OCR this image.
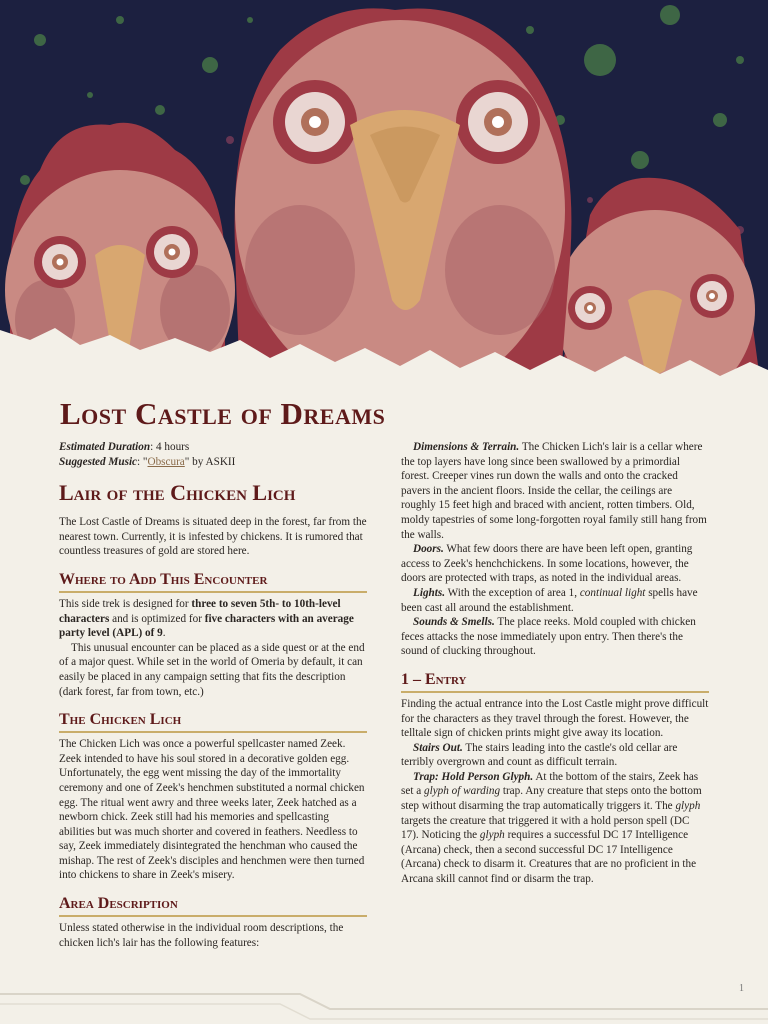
Lost Castle of Dreams

Estimated Duration: 4 hours

Suggested Music: "Obscura" by ASKII

Lair of the Chicken Lich

The Lost Castle of Dreams is situated deep in the forest, far from the nearest town. Currently, it is infested by chickens. It is rumored that countless treasures of gold are stored here.

Where to Add This Encounter

This side trek is designed for three to seven 5th- to 10th-level characters and is optimized for five characters with an average party level (APL) of 9.

This unusual encounter can be placed as a side quest or at the end of a major quest. While set in the world of Omeria by default, it can easily be placed in any campaign setting that fits the description (dark forest, far from town, etc.)

The Chicken Lich

The Chicken Lich was once a powerful spellcaster named Zeek. Zeek intended to have his soul stored in a decorative golden egg. Unfortunately, the egg went missing the day of the immortality ceremony and one of Zeek's henchmen substituted a normal chicken egg. The ritual went awry and three weeks later, Zeek hatched as a newborn chick. Zeek still had his memories and spellcasting abilities but was much shorter and covered in feathers. Needless to say, Zeek immediately disintegrated the henchman who caused the mishap. The rest of Zeek's disciples and henchmen were then turned into chickens to share in Zeek's misery.

Area Description

Unless stated otherwise in the individual room descriptions, the chicken lich's lair has the following features:

Dimensions & Terrain. The Chicken Lich's lair is a cellar where the top layers have long since been swallowed by a primordial forest. Creeper vines run down the walls and onto the cracked pavers in the ancient floors. Inside the cellar, the ceilings are roughly 15 feet high and braced with ancient, rotten timbers. Old, moldy tapestries of some long-forgotten royal family still hang from the walls.

Doors. What few doors there are have been left open, granting access to Zeek's henchchickens. In some locations, however, the doors are protected with traps, as noted in the individual areas.

Lights. With the exception of area 1, continual light spells have been cast all around the establishment.

Sounds & Smells. The place reeks. Mold coupled with chicken feces attacks the nose immediately upon entry. Then there's the sound of clucking throughout.

1 – Entry

Finding the actual entrance into the Lost Castle might prove difficult for the characters as they travel through the forest. However, the telltale sign of chicken prints might give away its location.

Stairs Out. The stairs leading into the castle's old cellar are terribly overgrown and count as difficult terrain.

Trap: Hold Person Glyph. At the bottom of the stairs, Zeek has set a glyph of warding trap. Any creature that steps onto the bottom step without disarming the trap automatically triggers it. The glyph targets the creature that triggered it with a hold person spell (DC 17). Noticing the glyph requires a successful DC 17 Intelligence (Arcana) check, then a second successful DC 17 Intelligence (Arcana) check to disarm it. Creatures that are no proficient in the Arcana skill cannot find or disarm the trap.

1
